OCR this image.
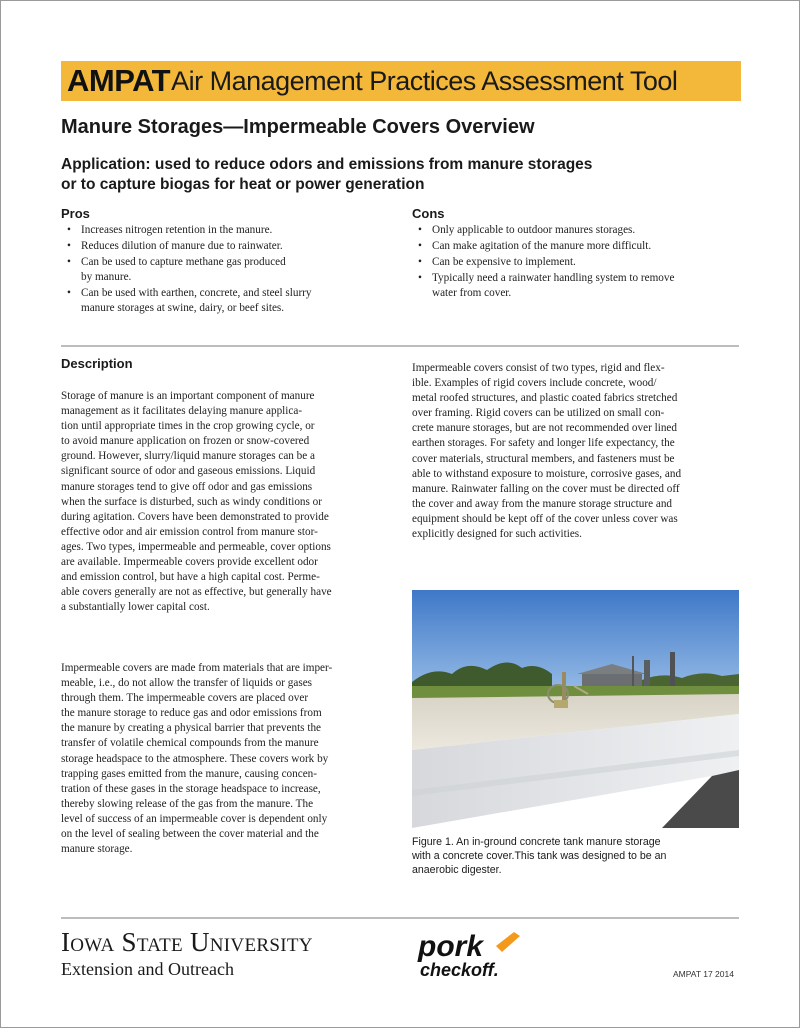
AMPAT Air Management Practices Assessment Tool
Manure Storages—Impermeable Covers Overview
Application: used to reduce odors and emissions from manure storages
or to capture biogas for heat or power generation
Pros
• Increases nitrogen retention in the manure.
• Reduces dilution of manure due to rainwater.
• Can be used to capture methane gas produced
by manure.
• Can be used with earthen, concrete, and steel slurry
manure storages at swine, dairy, or beef sites.
Cons
• Only applicable to outdoor manures storages.
• Can make agitation of the manure more difficult.
• Can be expensive to implement.
• Typically need a rainwater handling system to remove
water from cover.
Description

Storage of manure is an important component of manure
management as it facilitates delaying manure applica-
tion until appropriate times in the crop growing cycle, or
to avoid manure application on frozen or snow-covered
ground. However, slurry/liquid manure storages can be a
significant source of odor and gaseous emissions. Liquid
manure storages tend to give off odor and gas emissions
when the surface is disturbed, such as windy conditions or
during agitation. Covers have been demonstrated to provide
effective odor and air emission control from manure stor-
ages. Two types, impermeable and permeable, cover options
are available. Impermeable covers provide excellent odor
and emission control, but have a high capital cost. Perme-
able covers generally are not as effective, but generally have
a substantially lower capital cost.

Impermeable covers are made from materials that are imper-
meable, i.e., do not allow the transfer of liquids or gases
through them. The impermeable covers are placed over
the manure storage to reduce gas and odor emissions from
the manure by creating a physical barrier that prevents the
transfer of volatile chemical compounds from the manure
storage headspace to the atmosphere. These covers work by
trapping gases emitted from the manure, causing concen-
tration of these gases in the storage headspace to increase,
thereby slowing release of the gas from the manure. The
level of success of an impermeable cover is dependent only
on the level of sealing between the cover material and the
manure storage.

Impermeable covers consist of two types, rigid and flex-
ible. Examples of rigid covers include concrete, wood/
metal roofed structures, and plastic coated fabrics stretched
over framing. Rigid covers can be utilized on small con-
crete manure storages, but are not recommended over lined
earthen storages. For safety and longer life expectancy, the
cover materials, structural members, and fasteners must be
able to withstand exposure to moisture, corrosive gases, and
manure. Rainwater falling on the cover must be directed off
the cover and away from the manure storage structure and
equipment should be kept off of the cover unless cover was
explicitly designed for such activities.

Figure 1. An in-ground concrete tank manure storage
with a concrete cover.This tank was designed to be an
anaerobic digester.
Iowa State University
Extension and Outreach
pork
checkoff.	AMPAT 17 2014
